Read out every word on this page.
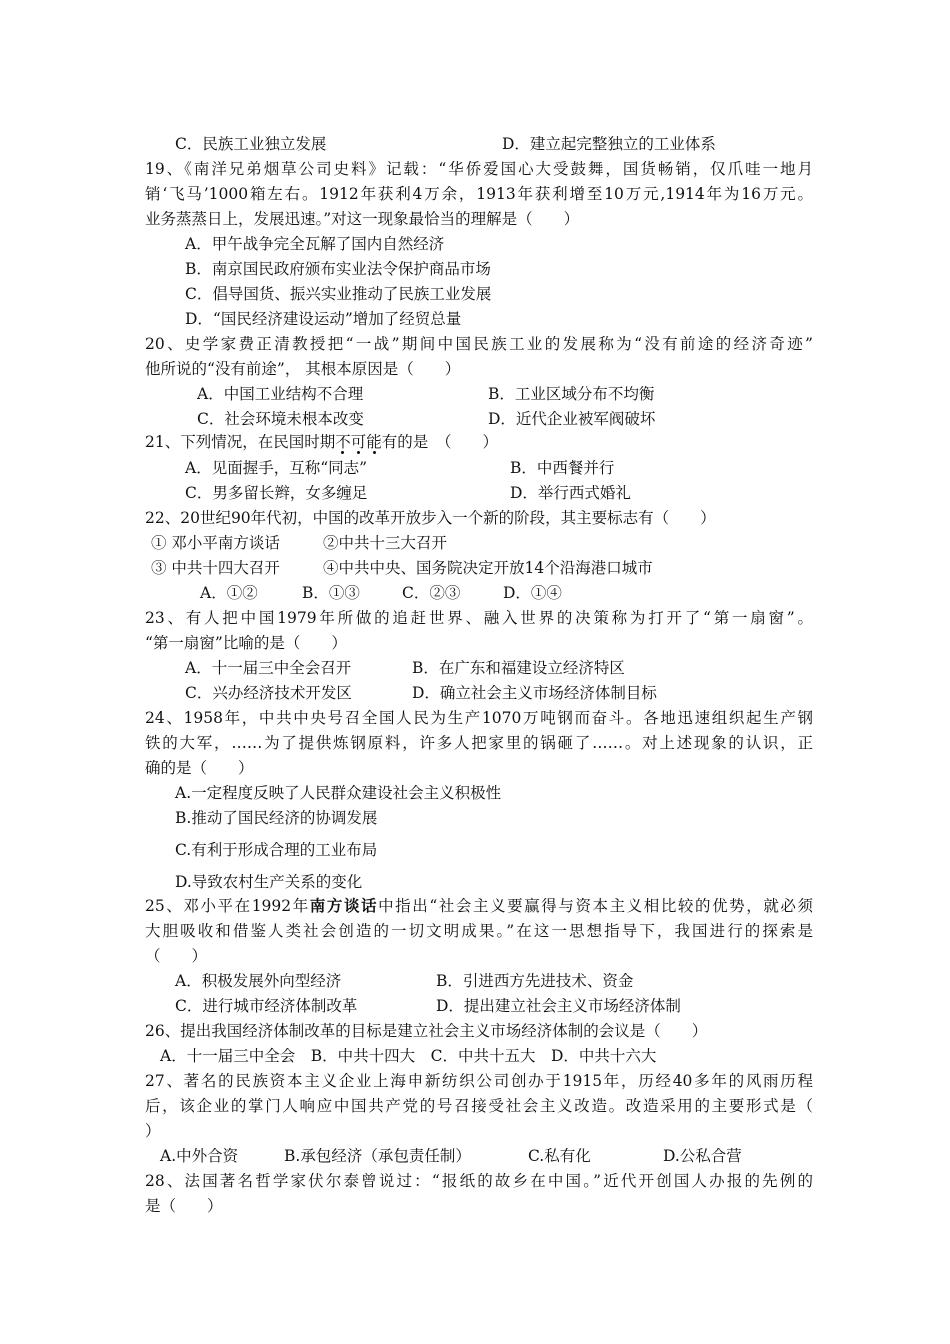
C．民族工业独立发展	D．建立起完整独立的工业体系
19、《南洋兄弟烟草公司史料》记载：“华侨爱国心大受鼓舞，国货畅销，仅爪哇一地月
销‘飞马’1000箱左右。1912年获利4万余，1913年获利增至10万元,1914年为16万元。
业务蒸蒸日上，发展迅速。”对这一现象最恰当的理解是（　　）
A．甲午战争完全瓦解了国内自然经济
B．南京国民政府颁布实业法令保护商品市场
C．倡导国货、振兴实业推动了民族工业发展
D．“国民经济建设运动”增加了经贸总量
20、史学家费正清教授把“一战”期间中国民族工业的发展称为“没有前途的经济奇迹”
他所说的“没有前途”， 其根本原因是（　　）
A．中国工业结构不合理	B．工业区域分布不均衡
C．社会环境未根本改变	D．近代企业被军阀破坏
21、下列情况，在民国时期不可能有的是　（　　）
A．见面握手，互称“同志”	B．中西餐并行
C．男多留长辫，女多缠足	D．举行西式婚礼
22、20世纪90年代初，中国的改革开放步入一个新的阶段，其主要标志有（　　）
① 邓小平南方谈话	②中共十三大召开
③ 中共十四大召开	④中共中央、国务院决定开放14个沿海港口城市
A．①②	B．①③	C．②③	D．①④
23、有人把中国1979年所做的追赶世界、融入世界的决策称为打开了“第一扇窗”。
“第一扇窗”比喻的是（　　）
A．十一届三中全会召开	B．在广东和福建设立经济特区
C．兴办经济技术开发区	D．确立社会主义市场经济体制目标
24、1958年，中共中央号召全国人民为生产1070万吨钢而奋斗。各地迅速组织起生产钢
铁的大军，……为了提供炼钢原料，许多人把家里的锅砸了……。对上述现象的认识，正
确的是（　　）
A.一定程度反映了人民群众建设社会主义积极性
B.推动了国民经济的协调发展
C.有利于形成合理的工业布局
D.导致农村生产关系的变化
25、邓小平在1992年南方谈话中指出“社会主义要赢得与资本主义相比较的优势，就必须
大胆吸收和借鉴人类社会创造的一切文明成果。”在这一思想指导下，我国进行的探索是
（　　）
A．积极发展外向型经济	B．引进西方先进技术、资金
C．进行城市经济体制改革	D．提出建立社会主义市场经济体制
26、提出我国经济体制改革的目标是建立社会主义市场经济体制的会议是（　　）
A．十一届三中全会　B．中共十四大　C．中共十五大　D．中共十六大
27、著名的民族资本主义企业上海申新纺织公司创办于1915年，历经40多年的风雨历程
后，该企业的掌门人响应中国共产党的号召接受社会主义改造。改造采用的主要形式是（
）
A.中外合资	B.承包经济（承包责任制）	C.私有化	D.公私合营
28、法国著名哲学家伏尔泰曾说过：“报纸的故乡在中国。”近代开创国人办报的先例的
是（　　）
